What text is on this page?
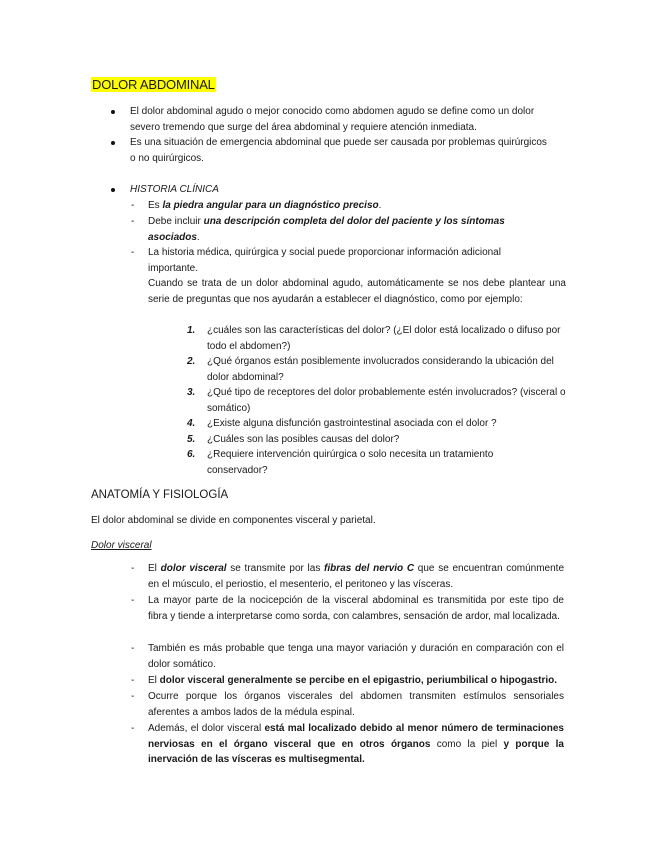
DOLOR ABDOMINAL
El dolor abdominal agudo o mejor conocido como abdomen agudo se define como un dolor severo tremendo que surge del área abdominal y requiere atención inmediata.
Es una situación de emergencia abdominal que puede ser causada por problemas quirúrgicos o no quirúrgicos.
HISTORIA CLÍNICA
- Es la piedra angular para un diagnóstico preciso.
- Debe incluir una descripción completa del dolor del paciente y los síntomas asociados.
- La historia médica, quirúrgica y social puede proporcionar información adicional importante.
Cuando se trata de un dolor abdominal agudo, automáticamente se nos debe plantear una serie de preguntas que nos ayudarán a establecer el diagnóstico, como por ejemplo:
1. ¿cuáles son las características del dolor? (¿El dolor está localizado o difuso por todo el abdomen?)
2. ¿Qué órganos están posiblemente involucrados considerando la ubicación del dolor abdominal?
3. ¿Qué tipo de receptores del dolor probablemente estén involucrados? (visceral o somático)
4. ¿Existe alguna disfunción gastrointestinal asociada con el dolor ?
5. ¿Cuáles son las posibles causas del dolor?
6. ¿Requiere intervención quirúrgica o solo necesita un tratamiento conservador?
ANATOMÍA Y FISIOLOGÍA
El dolor abdominal se divide en componentes visceral y parietal.
Dolor visceral
- El dolor visceral se transmite por las fibras del nervio C que se encuentran comúnmente en el músculo, el periostio, el mesenterio, el peritoneo y las vísceras.
- La mayor parte de la nocicepción de la visceral abdominal es transmitida por este tipo de fibra y tiende a interpretarse como sorda, con calambres, sensación de ardor, mal localizada.
- También es más probable que tenga una mayor variación y duración en comparación con el dolor somático.
- El dolor visceral generalmente se percibe en el epigastrio, periumbilical o hipogastrio.
- Ocurre porque los órganos viscerales del abdomen transmiten estímulos sensoriales aferentes a ambos lados de la médula espinal.
- Además, el dolor visceral está mal localizado debido al menor número de terminaciones nerviosas en el órgano visceral que en otros órganos como la piel y porque la inervación de las vísceras es multisegmental.
